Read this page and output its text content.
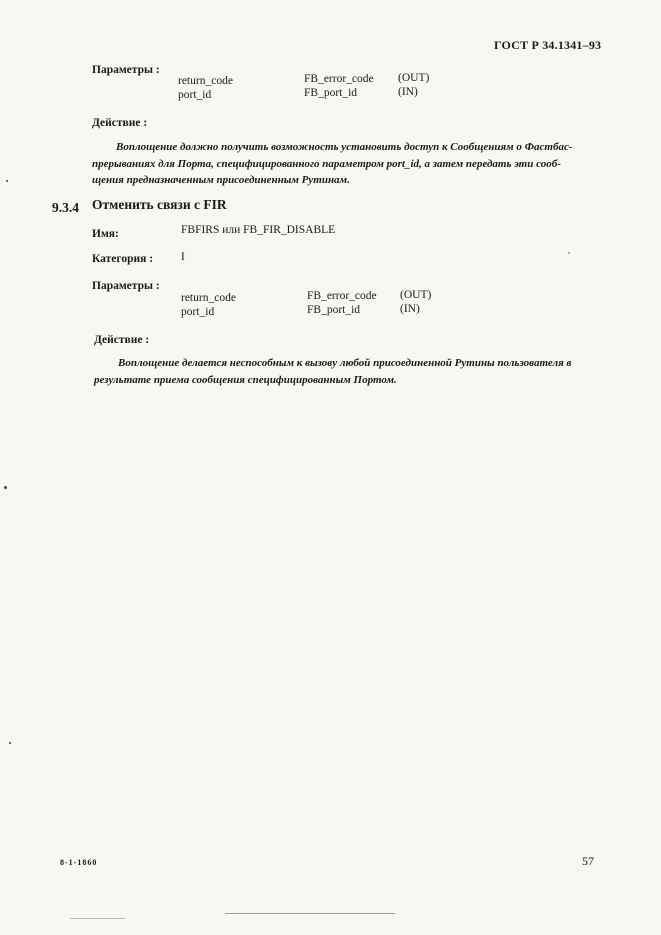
ГОСТ Р 34.1341–93
Параметры :
return_code	FB_error_code (OUT)
port_id	FB_port_id	(IN)
Действие :

Воплощение должно получить возможность установить доступ к Сообщениям о Фастбас-

прерываниях для Порта, специфицированного параметром port_id, а затем передать эти сооб-

щения предназначенным присоединенным Рутинам.

9.3.4 Отменить связи с FIR
Имя:	FBFIRS или FB_FIR_DISABLE
Категория : I
Параметры :
return_code	FB_error_code (OUT)
port_id	FB_port_id	(IN)
Действие :

Воплощение делается неспособным к вызову любой присоединенной Рутины пользователя в

результате приема сообщения специфицированным Портом.

8-1-1860	57
